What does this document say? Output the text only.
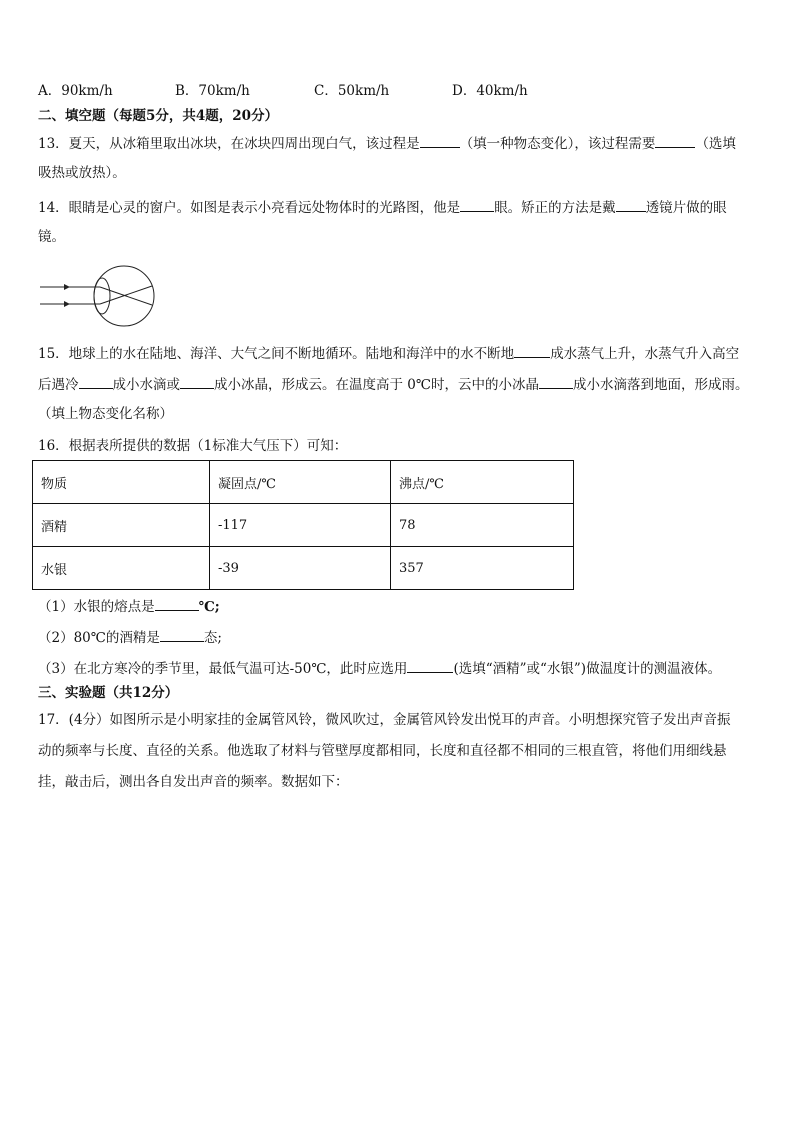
A．90km/h	B．70km/h	C．50km/h	D．40km/h
二、填空题（每题5分，共4题，20分）
13．夏天，从冰箱里取出冰块，在冰块四周出现白气，该过程是	（填一种物态变化），该过程需要	（选填
吸热或放热）。
14．眼睛是心灵的窗户。如图是表示小亮看远处物体时的光路图，他是	眼。矫正的方法是戴 透镜片做的眼
镜。
15．地球上的水在陆地、海洋、大气之间不断地循环。陆地和海洋中的水不断地	成水蒸气上升，水蒸气升入高空
后遇冷	成小水滴或	成小冰晶，形成云。在温度高于 0℃时，云中的小冰晶	成小水滴落到地面，形成雨。
（填上物态变化名称）
16．根据表所提供的数据（1标准大气压下）可知：
物质	凝固点/℃	沸点/℃
酒精	-117	78
水银	-39	357
（1）水银的熔点是	℃;
（2）80℃的酒精是	态;
（3）在北方寒冷的季节里，最低气温可达-50℃，此时应选用	(选填“酒精”或“水银”)做温度计的测温液体。
三、实验题（共12分）
17．(4分）如图所示是小明家挂的金属管风铃，微风吹过，金属管风铃发出悦耳的声音。小明想探究管子发出声音振
动的频率与长度、直径的关系。他选取了材料与管壁厚度都相同，长度和直径都不相同的三根直管，将他们用细线悬
挂，敲击后，测出各自发出声音的频率。数据如下：
